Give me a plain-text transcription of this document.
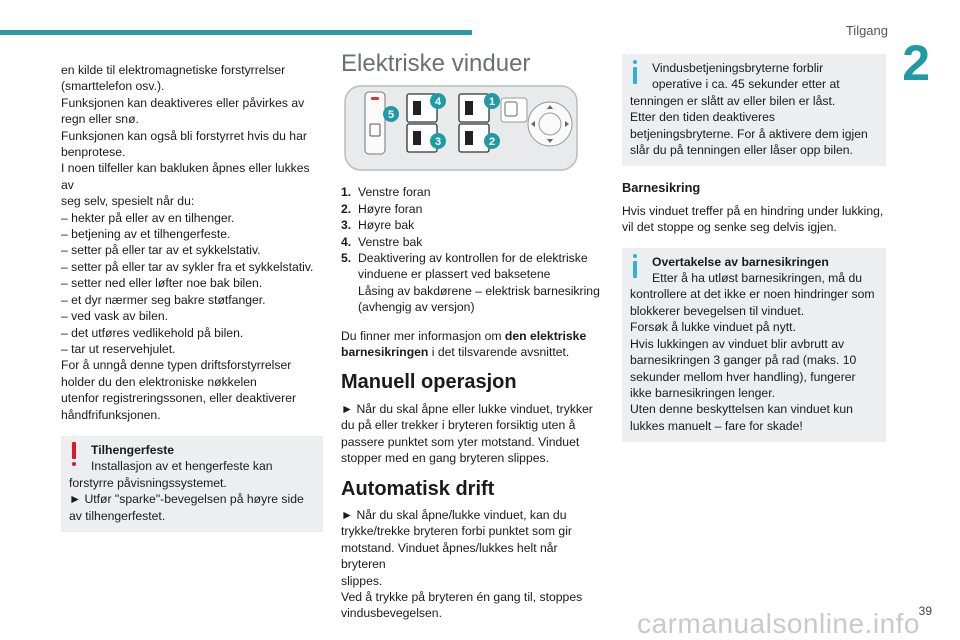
Tilgang
2

en kilde til elektromagnetiske forstyrrelser
(smarttelefon osv.).
Funksjonen kan deaktiveres eller påvirkes av
regn eller snø.
Funksjonen kan også bli forstyrret hvis du har
benprotese.
I noen tilfeller kan bakluken åpnes eller lukkes av
seg selv, spesielt når du:
– hekter på eller av en tilhenger.
– betjening av et tilhengerfeste.
– setter på eller tar av et sykkelstativ.
– setter på eller tar av sykler fra et sykkelstativ.
– setter ned eller løfter noe bak bilen.
– et dyr nærmer seg bakre støtfanger.
– ved vask av bilen.
– det utføres vedlikehold på bilen.
– tar ut reservehjulet.
For å unngå denne typen driftsforstyrrelser
holder du den elektroniske nøkkelen
utenfor registreringssonen, eller deaktiverer
håndfrifunksjonen.

Tilhengerfeste
Installasjon av et hengerfeste kan
forstyrre påvisningssystemet.
► Utfør "sparke"-bevegelsen på høyre side
av tilhengerfestet.
Elektriske vinduer
1
2
3
4
5
1. Venstre foran
2. Høyre foran
3. Høyre bak
4. Venstre bak
5. Deaktivering av kontrollen for de elektriske
vinduene er plassert ved baksetene
Låsing av bakdørene – elektrisk barnesikring
(avhengig av versjon)

Du finner mer informasjon om den elektriske
barnesikringen i det tilsvarende avsnittet.

Manuell operasjon

► Når du skal åpne eller lukke vinduet, trykker
du på eller trekker i bryteren forsiktig uten å
passere punktet som yter motstand. Vinduet
stopper med en gang bryteren slippes.

Automatisk drift

► Når du skal åpne/lukke vinduet, kan du
trykke/trekke bryteren forbi punktet som gir
motstand. Vinduet åpnes/lukkes helt når bryteren
slippes.
Ved å trykke på bryteren én gang til, stoppes
vindusbevegelsen.

Vindusbetjeningsbryterne forblir
operative i ca. 45 sekunder etter at
tenningen er slått av eller bilen er låst.
Etter den tiden deaktiveres
betjeningsbryterne. For å aktivere dem igjen
slår du på tenningen eller låser opp bilen.
Barnesikring

Hvis vinduet treffer på en hindring under lukking,
vil det stoppe og senke seg delvis igjen.

Overtakelse av barnesikringen
Etter å ha utløst barnesikringen, må du
kontrollere at det ikke er noen hindringer som
blokkerer bevegelsen til vinduet.
Forsøk å lukke vinduet på nytt.
Hvis lukkingen av vinduet blir avbrutt av
barnesikringen 3 ganger på rad (maks. 10
sekunder mellom hver handling), fungerer
ikke barnesikringen lenger.
Uten denne beskyttelsen kan vinduet kun
lukkes manuelt – fare for skade!
carmanualsonline.info
39
